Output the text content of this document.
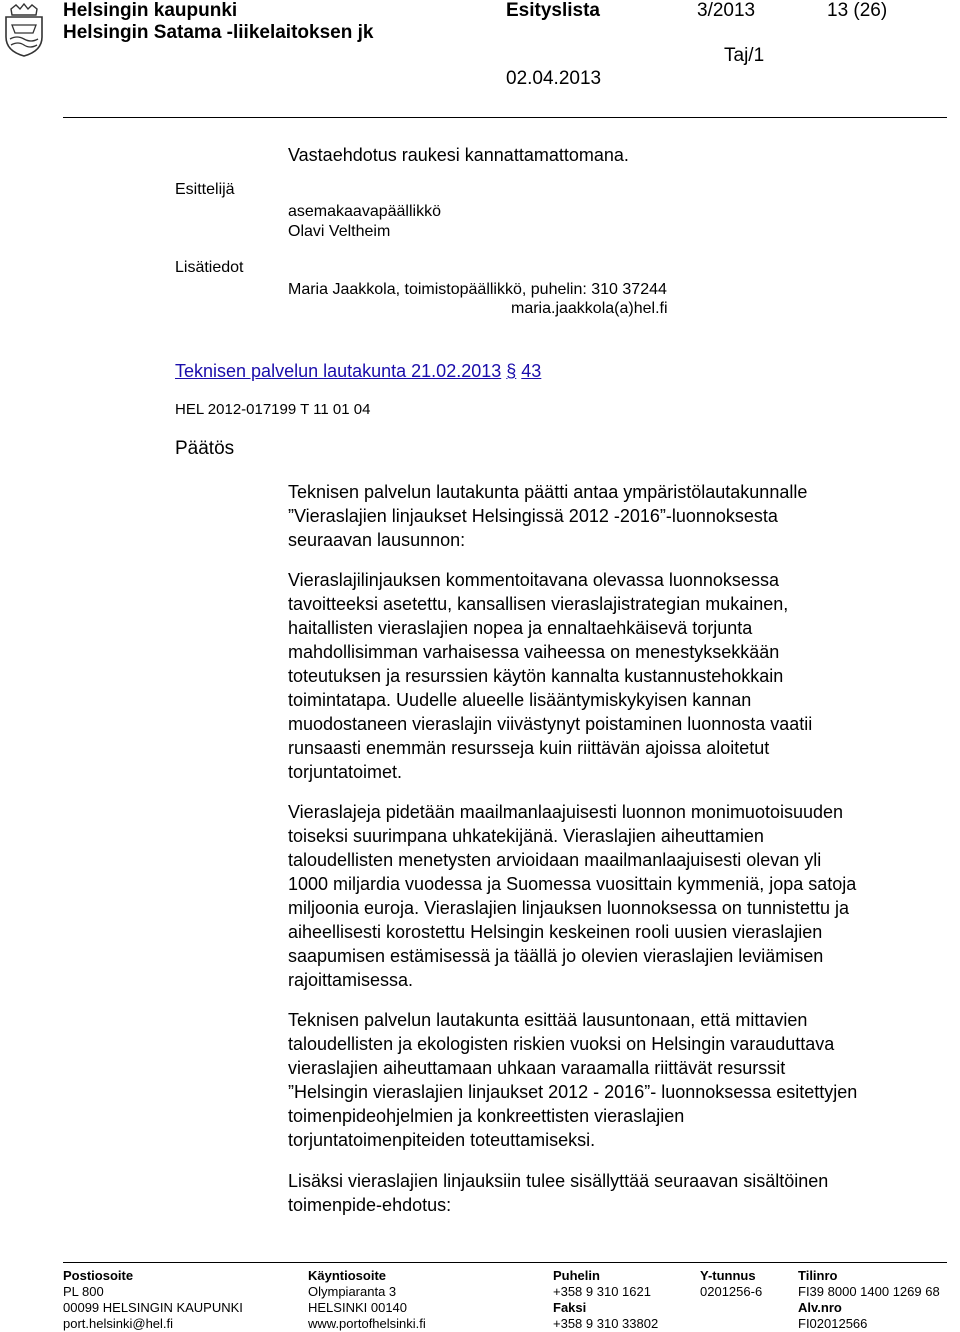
Helsingin kaupunki
Helsingin Satama -liikelaitoksen jk
Esityslista	3/2013	13 (26)
Taj/1
02.04.2013
Vastaehdotus raukesi kannattamattomana.
Esittelijä
asemakaavapäällikkö
Olavi Veltheim
Lisätiedot
Maria Jaakkola, toimistopäällikkö, puhelin: 310 37244
maria.jaakkola(a)hel.fi
Teknisen palvelun lautakunta 21.02.2013 § 43
HEL 2012-017199 T 11 01 04
Päätös
Teknisen palvelun lautakunta päätti antaa ympäristölautakunnalle
”Vieraslajien linjaukset Helsingissä 2012 -2016”-luonnoksesta
seuraavan lausunnon:
Vieraslajilinjauksen kommentoitavana olevassa luonnoksessa
tavoitteeksi asetettu, kansallisen vieraslajistrategian mukainen,
haitallisten vieraslajien nopea ja ennaltaehkäisevä torjunta
mahdollisimman varhaisessa vaiheessa on menestyksekkään
toteutuksen ja resurssien käytön kannalta kustannustehokkain
toimintatapa. Uudelle alueelle lisääntymiskykyisen kannan
muodostaneen vieraslajin viivästynyt poistaminen luonnosta vaatii
runsaasti enemmän resursseja kuin riittävän ajoissa aloitetut
torjuntatoimet.
Vieraslajeja pidetään maailmanlaajuisesti luonnon monimuotoisuuden
toiseksi suurimpana uhkatekijänä. Vieraslajien aiheuttamien
taloudellisten menetysten arvioidaan maailmanlaajuisesti olevan yli
1000 miljardia vuodessa ja Suomessa vuosittain kymmeniä, jopa satoja
miljoonia euroja. Vieraslajien linjauksen luonnoksessa on tunnistettu ja
aiheellisesti korostettu Helsingin keskeinen rooli uusien vieraslajien
saapumisen estämisessä ja täällä jo olevien vieraslajien leviämisen
rajoittamisessa.
Teknisen palvelun lautakunta esittää lausuntonaan, että mittavien
taloudellisten ja ekologisten riskien vuoksi on Helsingin varauduttava
vieraslajien aiheuttamaan uhkaan varaamalla riittävät resurssit
”Helsingin vieraslajien linjaukset 2012 - 2016”- luonnoksessa esitettyjen
toimenpideohjelmien ja konkreettisten vieraslajien
torjuntatoimenpiteiden toteuttamiseksi.
Lisäksi vieraslajien linjauksiin tulee sisällyttää seuraavan sisältöinen
toimenpide-ehdotus:
Postiosoite
PL 800
00099 HELSINGIN KAUPUNKI
port.helsinki@hel.fi
Käyntiosoite
Olympiaranta 3
HELSINKI 00140
www.portofhelsinki.fi
Puhelin
+358 9 310 1621
Faksi
+358 9 310 33802
Y-tunnus
0201256-6
Tilinro
FI39 8000 1400 1269 68
Alv.nro
FI02012566
